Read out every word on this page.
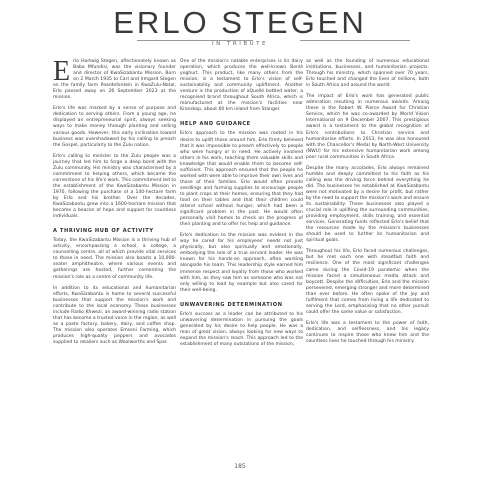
ERLO STEGEN
IN TRIBUTE

Erlo Hartwig Stegen, affectionately known as Baba Mfundisi, was the visionary founder and director of KwaSizabantu Mission. Born on 2 March 1935 to Carl and Irmgard Stegen on the family farm Paardefontein in KwaZulu-Natal, Erlo passed away on 26 September 2023 at the mission.

Erlo's life was marked by a sense of purpose and dedication to serving others. From a young age, he displayed an entrepreneurial spirit, always seeking ways to make money through planting and selling various goods. However, this early inclination toward business was overshadowed by his calling to preach the Gospel, particularly to the Zulu nation.

Erlo's calling to minister to the Zulu people was a journey that led him to forge a deep bond with the Zulu community. His ministry was characterised by a commitment to helping others, which became the cornerstone of his life's work. This commitment led to the establishment of the KwaSizabantu Mission in 1970, following the purchase of a 140-hectare farm by Erlo and his brother. Over the decades, KwaSizabantu grew into a 1600-hectare mission that became a beacon of hope and support for countless individuals.

A THRIVING HUB OF ACTIVITY

Today, the KwaSizabantu Mission is a thriving hub of activity, encompassing a school, a college, a counselling centre, all of which provide vital services to those in need. The mission also boasts a 10,000-seater amphitheatre, where various events and gatherings are hosted, further cementing the mission's role as a centre of community life.

In addition to its educational and humanitarian efforts, KwaSizabantu is home to several successful businesses that support the mission's work and contribute to the local economy. These businesses include Radio Khwezi, an award-winning radio station that has become a trusted voice in the region, as well as a paste factory, bakery, dairy, and coffee shop. The mission also operates Emseni Farming, which produces high-quality peppers and avocados supplied to retailers such as Woolworths and Spar.

One of the mission's notable enterprises is its dairy operation, which produces the well-known Bonlé yoghurt. This product, like many others from the mission, is a testament to Erlo's vision of self-sustainability and community upliftment. Another venture is the production of aQuellé bottled water, a recognised brand throughout South Africa, which is manufactured at the mission's facilities near Kranskop, about 60 km inland from Stanger.

HELP AND GUIDANCE

Erlo's approach to the mission was rooted in his desire to uplift those around him. Erlo firmly believed that it was impossible to preach effectively to people who were hungry or in need. He actively involved others in his work, teaching them valuable skills and knowledge that would enable them to become self-sufficient. This approach ensured that the people he worked with were able to improve their own lives and those of their families. Erlo would often provide seedlings and farming supplies to encourage people to plant crops at their homes, ensuring that they had food on their tables and that their children could attend school without hunger, which had been a significant problem in the past. He would often personally visit homes to check on the progress of their planting and to offer his help and guidance.

Erlo's dedication to the mission was evident in the way he cared for his employees' needs not just physically, but also spiritually and emotionally, embodying the role of a true servant leader. He was known for his hands-on approach, often working alongside his team. This leadership style earned him immense respect and loyalty from those who worked with him, as they saw him as someone who was not only willing to lead by example but also cared for their well-being.

UNWAVERING DETERMINATION

Erlo's success as a leader can be attributed to his unwavering determination in pursuing the goals generated by his desire to help people. He was a man of great vision, always looking for new ways to expand the mission's reach. This approach led to the establishment of many outstations of the mission,

as well as the founding of numerous educational institutions, businesses, and humanitarian projects. Through his ministry, which spanned over 70 years, Erlo touched and changed the lives of millions, both in South Africa and around the world.

The impact of Erlo's work has generated public admiration resulting in numerous awards. Among these is the Robert W. Pierce Award for Christian Service, which he was co-awarded by World Vision International on 9 December 2007. This prestigious award is a testament to the global recognition of Erlo's contributions to Christian service and humanitarian efforts. In 2013, he was also honoured with the Chancellor's Medal by North-West University (NWU) for his extensive humanitarian work among poor rural communities in South Africa.

Despite the many accolades, Erlo always remained humble and deeply committed to his faith as his calling was the driving force behind everything he did. The businesses he established at KwaSizabantu were not motivated by a desire for profit, but rather by the need to support the mission's work and ensure its sustainability. These businesses also played a crucial role in uplifting the surrounding communities, providing employment, skills training, and essential services. Generating funds reflected Erlo's belief that the resources made by the mission's businesses should be used to further its humanitarian and spiritual goals.

Throughout his life, Erlo faced numerous challenges, but he met each one with steadfast faith and resilience. One of the most significant challenges came during the Covid-19 pandemic when the mission faced a simultaneous media attack and boycott. Despite the difficulties, Erlo and the mission persevered, emerging stronger and more determined than ever before. He often spoke of the joy and fulfilment that comes from living a life dedicated to serving the Lord, emphasising that no other pursuit could offer the same value or satisfaction.

Erlo's life was a testament to the power of faith, dedication, and selflessness, and his legacy continues to inspire those who knew him and the countless lives he touched through his ministry.

185
